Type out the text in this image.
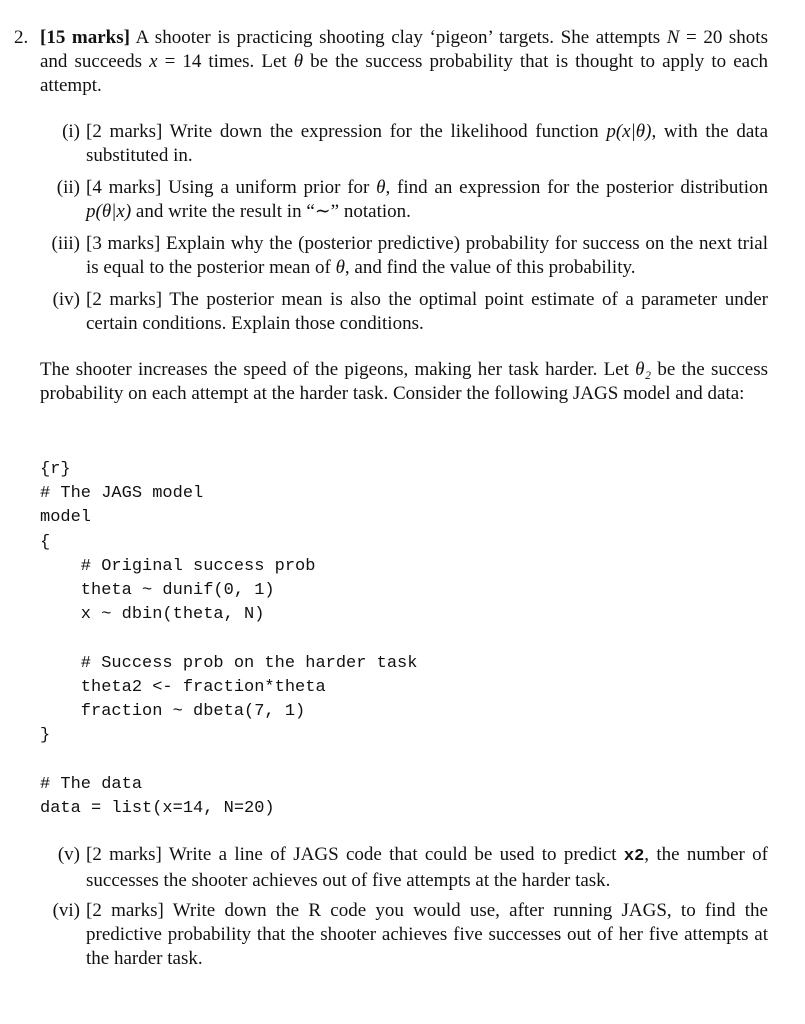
2. [15 marks] A shooter is practicing shooting clay ‘pigeon’ targets. She attempts N = 20 shots and succeeds x = 14 times. Let θ be the success probability that is thought to apply to each attempt.
(i) [2 marks] Write down the expression for the likelihood function p(x|θ), with the data substituted in.
(ii) [4 marks] Using a uniform prior for θ, find an expression for the posterior distribution p(θ|x) and write the result in “∼” notation.
(iii) [3 marks] Explain why the (posterior predictive) probability for success on the next trial is equal to the posterior mean of θ, and find the value of this probability.
(iv) [2 marks] The posterior mean is also the optimal point estimate of a parameter under certain conditions. Explain those conditions.
The shooter increases the speed of the pigeons, making her task harder. Let θ₂ be the success probability on each attempt at the harder task. Consider the following JAGS model and data:
{r}
# The JAGS model
model
{
# Original success prob
theta ~ dunif(0, 1)
x ~ dbin(theta, N)

# Success prob on the harder task
theta2 <- fraction*theta
fraction ~ dbeta(7, 1)
}

# The data
data = list(x=14, N=20)
(v) [2 marks] Write a line of JAGS code that could be used to predict x2, the number of successes the shooter achieves out of five attempts at the harder task.
(vi) [2 marks] Write down the R code you would use, after running JAGS, to find the predictive probability that the shooter achieves five successes out of her five attempts at the harder task.
